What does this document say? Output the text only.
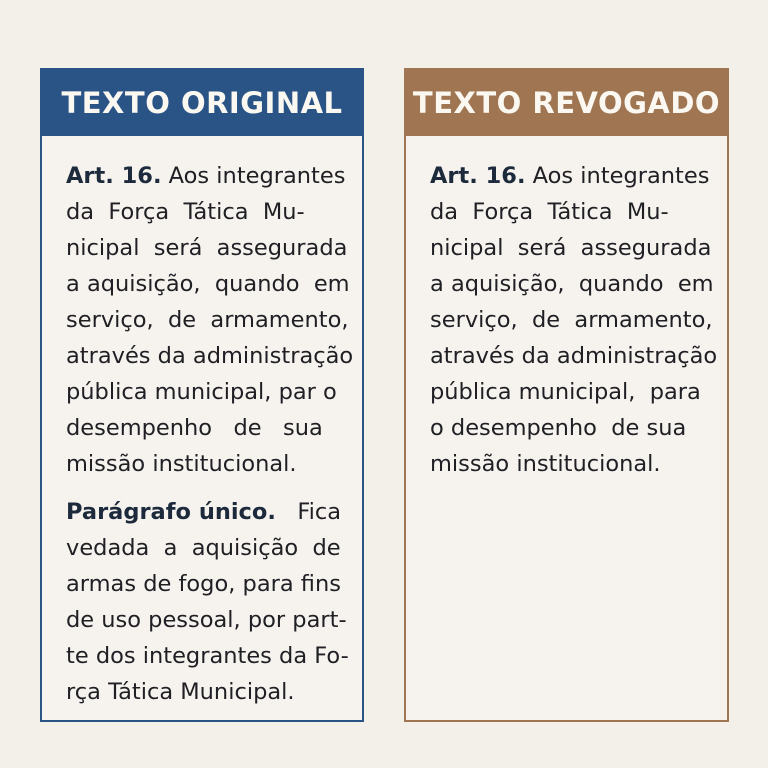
TEXTO ORIGINAL
Art. 16. Aos integrantes
da  Força  Tática  Mu-
nicipal  será  assegurada
a aquisição,  quando  em
serviço,  de  armamento,
através da administração
pública municipal, par o
desempenho   de   sua
missão institucional.
Parágrafo único.   Fica
vedada  a  aquisição  de
armas de fogo, para fins
de uso pessoal, por part-
te dos integrantes da Fo-
rça Tática Municipal.
TEXTO REVOGADO
Art. 16. Aos integrantes
da  Força  Tática  Mu-
nicipal  será  assegurada
a aquisição,  quando  em
serviço,  de  armamento,
através da administração
pública municipal,  para
o desempenho  de sua
missão institucional.
